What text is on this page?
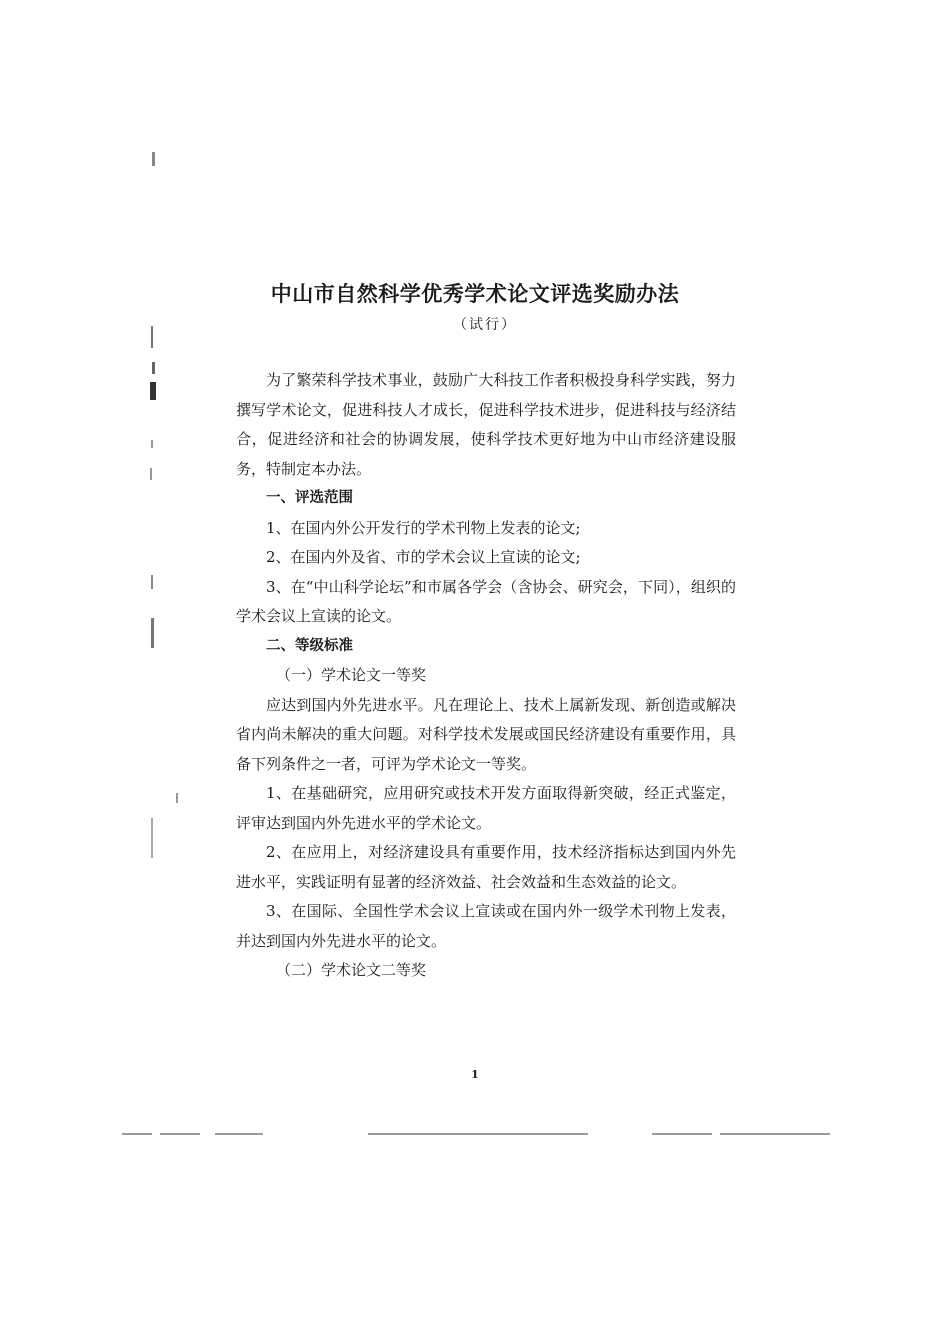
中山市自然科学优秀学术论文评选奖励办法
（试行）

为了繁荣科学技术事业，鼓励广大科技工作者积极投身科学实践，努力撰写学术论文，促进科技人才成长，促进科学技术进步，促进科技与经济结合，促进经济和社会的协调发展，使科学技术更好地为中山市经济建设服务，特制定本办法。

一、评选范围

1、在国内外公开发行的学术刊物上发表的论文;

2、在国内外及省、市的学术会议上宣读的论文;

3、在“中山科学论坛”和市属各学会（含协会、研究会，下同），组织的学术会议上宣读的论文。

二、等级标准

（一）学术论文一等奖

应达到国内外先进水平。凡在理论上、技术上属新发现、新创造或解决省内尚未解决的重大问题。对科学技术发展或国民经济建设有重要作用，具备下列条件之一者，可评为学术论文一等奖。

1、在基础研究，应用研究或技术开发方面取得新突破，经正式鉴定，评审达到国内外先进水平的学术论文。

2、在应用上，对经济建设具有重要作用，技术经济指标达到国内外先进水平，实践证明有显著的经济效益、社会效益和生态效益的论文。

3、在国际、全国性学术会议上宣读或在国内外一级学术刊物上发表，并达到国内外先进水平的论文。

（二）学术论文二等奖

1
